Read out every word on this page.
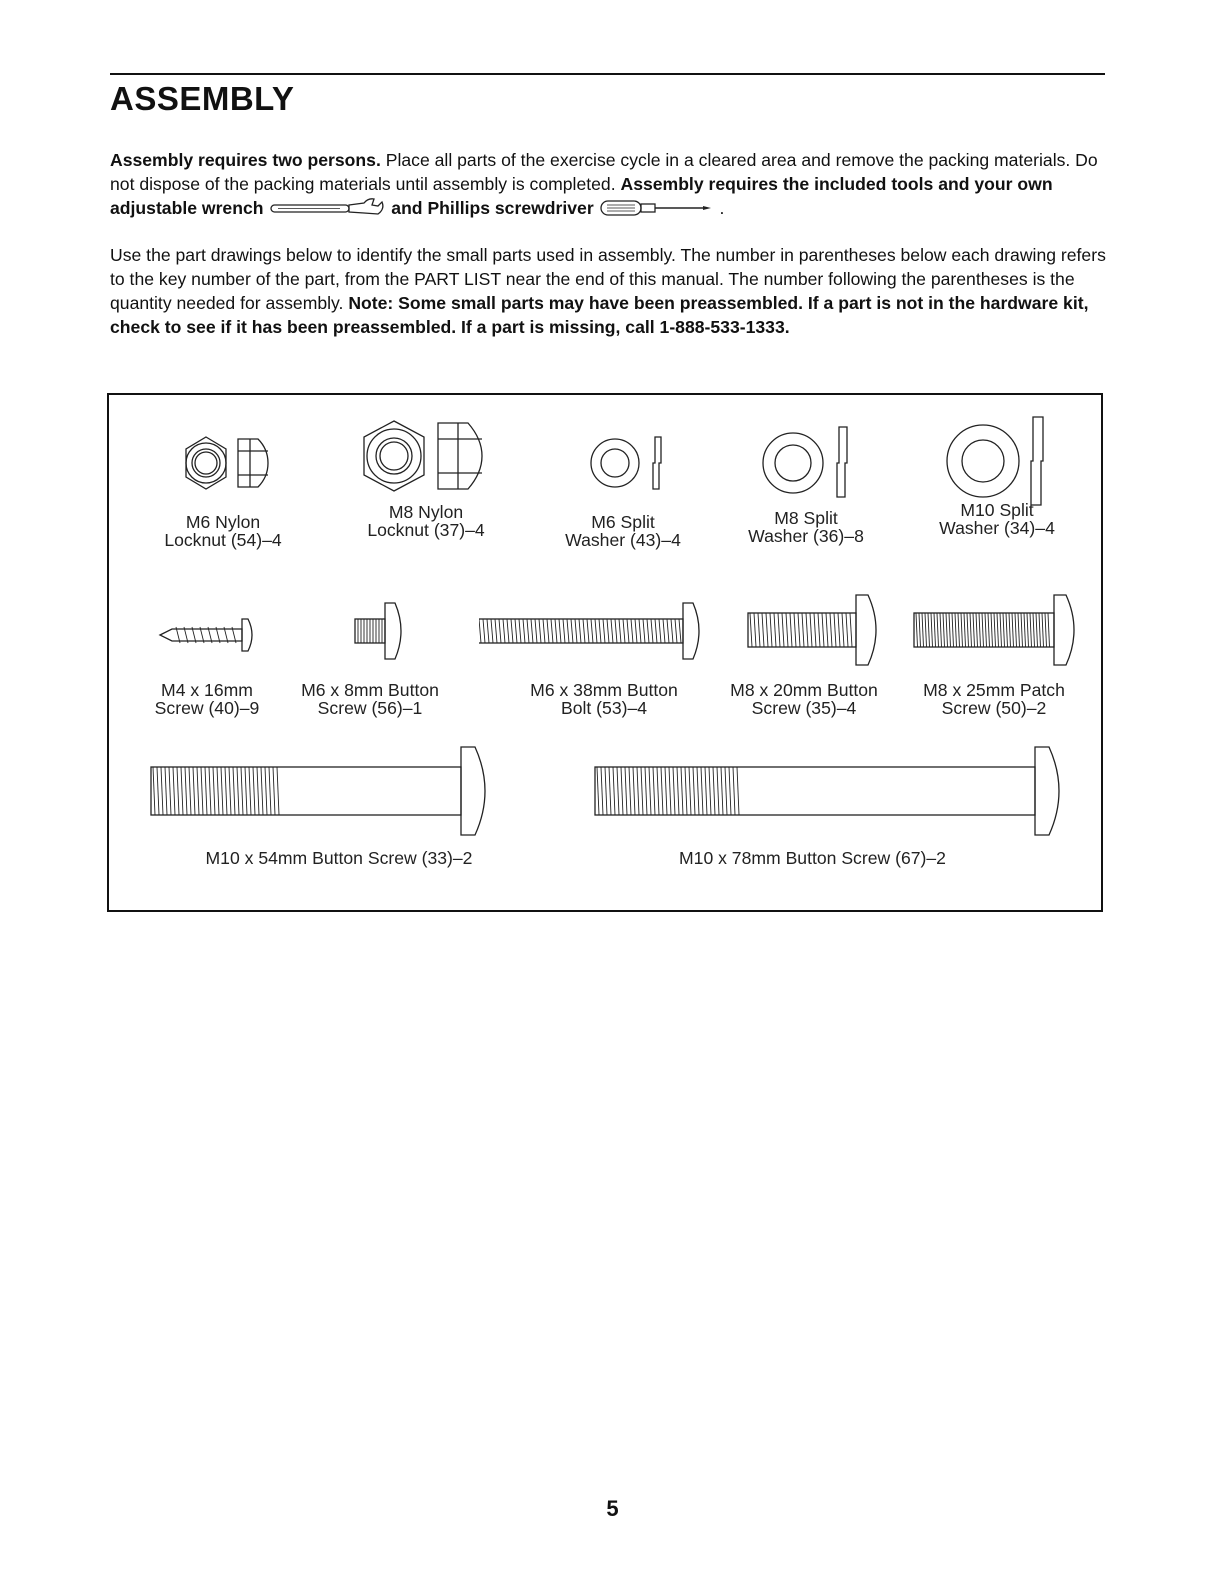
ASSEMBLY

Assembly requires two persons. Place all parts of the exercise cycle in a cleared area and remove the packing materials. Do not dispose of the packing materials until assembly is completed. Assembly requires the included tools and your own adjustable wrench	and Phillips screwdriver	.

Use the part drawings below to identify the small parts used in assembly. The number in parentheses below each drawing refers to the key number of the part, from the PART LIST near the end of this manual. The number following the parentheses is the quantity needed for assembly. Note: Some small parts may have been preassembled. If a part is not in the hardware kit, check to see if it has been preassembled. If a part is missing, call 1-888-533-1333.

M6 Nylon
Locknut (54)–4
M8 Nylon
Locknut (37)–4	M6 Split
Washer (43)–4
M8 Split
Washer (36)–8
M10 Split
Washer (34)–4
M4 x 16mm
Screw (40)–9
M6 x 8mm Button
Screw (56)–1
M6 x 38mm Button
Bolt (53)–4
M8 x 20mm Button
Screw (35)–4
M8 x 25mm Patch
Screw (50)–2
M10 x 54mm Button Screw (33)–2	M10 x 78mm Button Screw (67)–2
5
